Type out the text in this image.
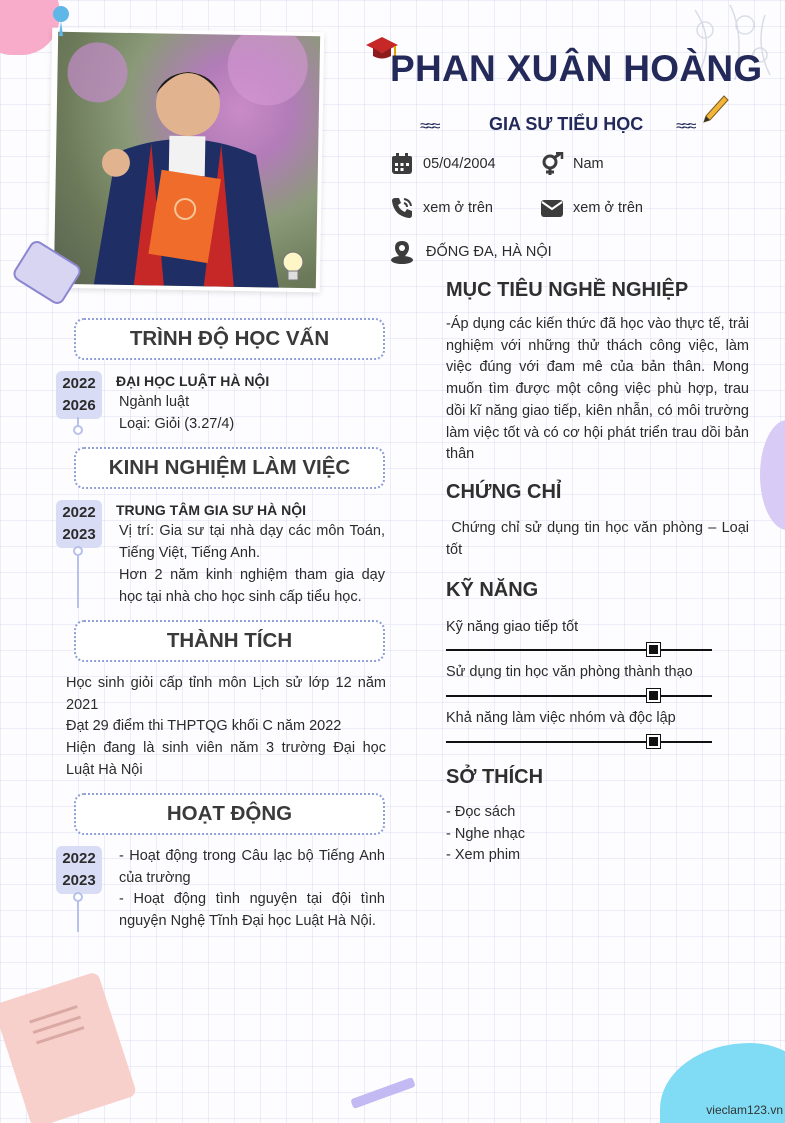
PHAN XUÂN HOÀNG
≈≈≈	GIA SƯ TIỂU HỌC ≈≈≈
05/04/2004	Nam
xem ở trên	xem ở trên
ĐỐNG ĐA, HÀ NỘI
TRÌNH ĐỘ HỌC VẤN
2022
2026
ĐẠI HỌC LUẬT HÀ NỘI
Ngành luật
Loại: Giỏi (3.27/4)
KINH NGHIỆM LÀM VIỆC
2022
2023
TRUNG TÂM GIA SƯ HÀ NỘI
Vị trí: Gia sư tại nhà dạy các môn Toán, Tiếng Việt, Tiếng Anh.
Hơn 2 năm kinh nghiệm tham gia dạy học tại nhà cho học sinh cấp tiểu học.
THÀNH TÍCH
Học sinh giỏi cấp tỉnh môn Lịch sử lớp 12 năm 2021
Đạt 29 điểm thi THPTQG khối C năm 2022
Hiện đang là sinh viên năm 3 trường Đại học Luật Hà Nội
HOẠT ĐỘNG
2022
2023
- Hoạt động trong Câu lạc bộ Tiếng Anh của trường
- Hoạt động tình nguyện tại đội tình nguyện Nghệ Tĩnh Đại học Luật Hà Nội.
MỤC TIÊU NGHỀ NGHIỆP
-Áp dụng các kiến thức đã học vào thực tế, trải nghiệm với những thử thách công việc, làm việc đúng với đam mê của bản thân. Mong muốn tìm được một công việc phù hợp, trau dồi kĩ năng giao tiếp, kiên nhẫn, có môi trường làm việc tốt và có cơ hội phát triển trau dồi bản thân
CHỨNG CHỈ
Chứng chỉ sử dụng tin học văn phòng – Loại tốt
KỸ NĂNG
Kỹ năng giao tiếp tốt
Sử dụng tin học văn phòng thành thạo
Khả năng làm việc nhóm và độc lập
SỞ THÍCH
- Đọc sách
- Nghe nhạc
- Xem phim
vieclam123.vn
